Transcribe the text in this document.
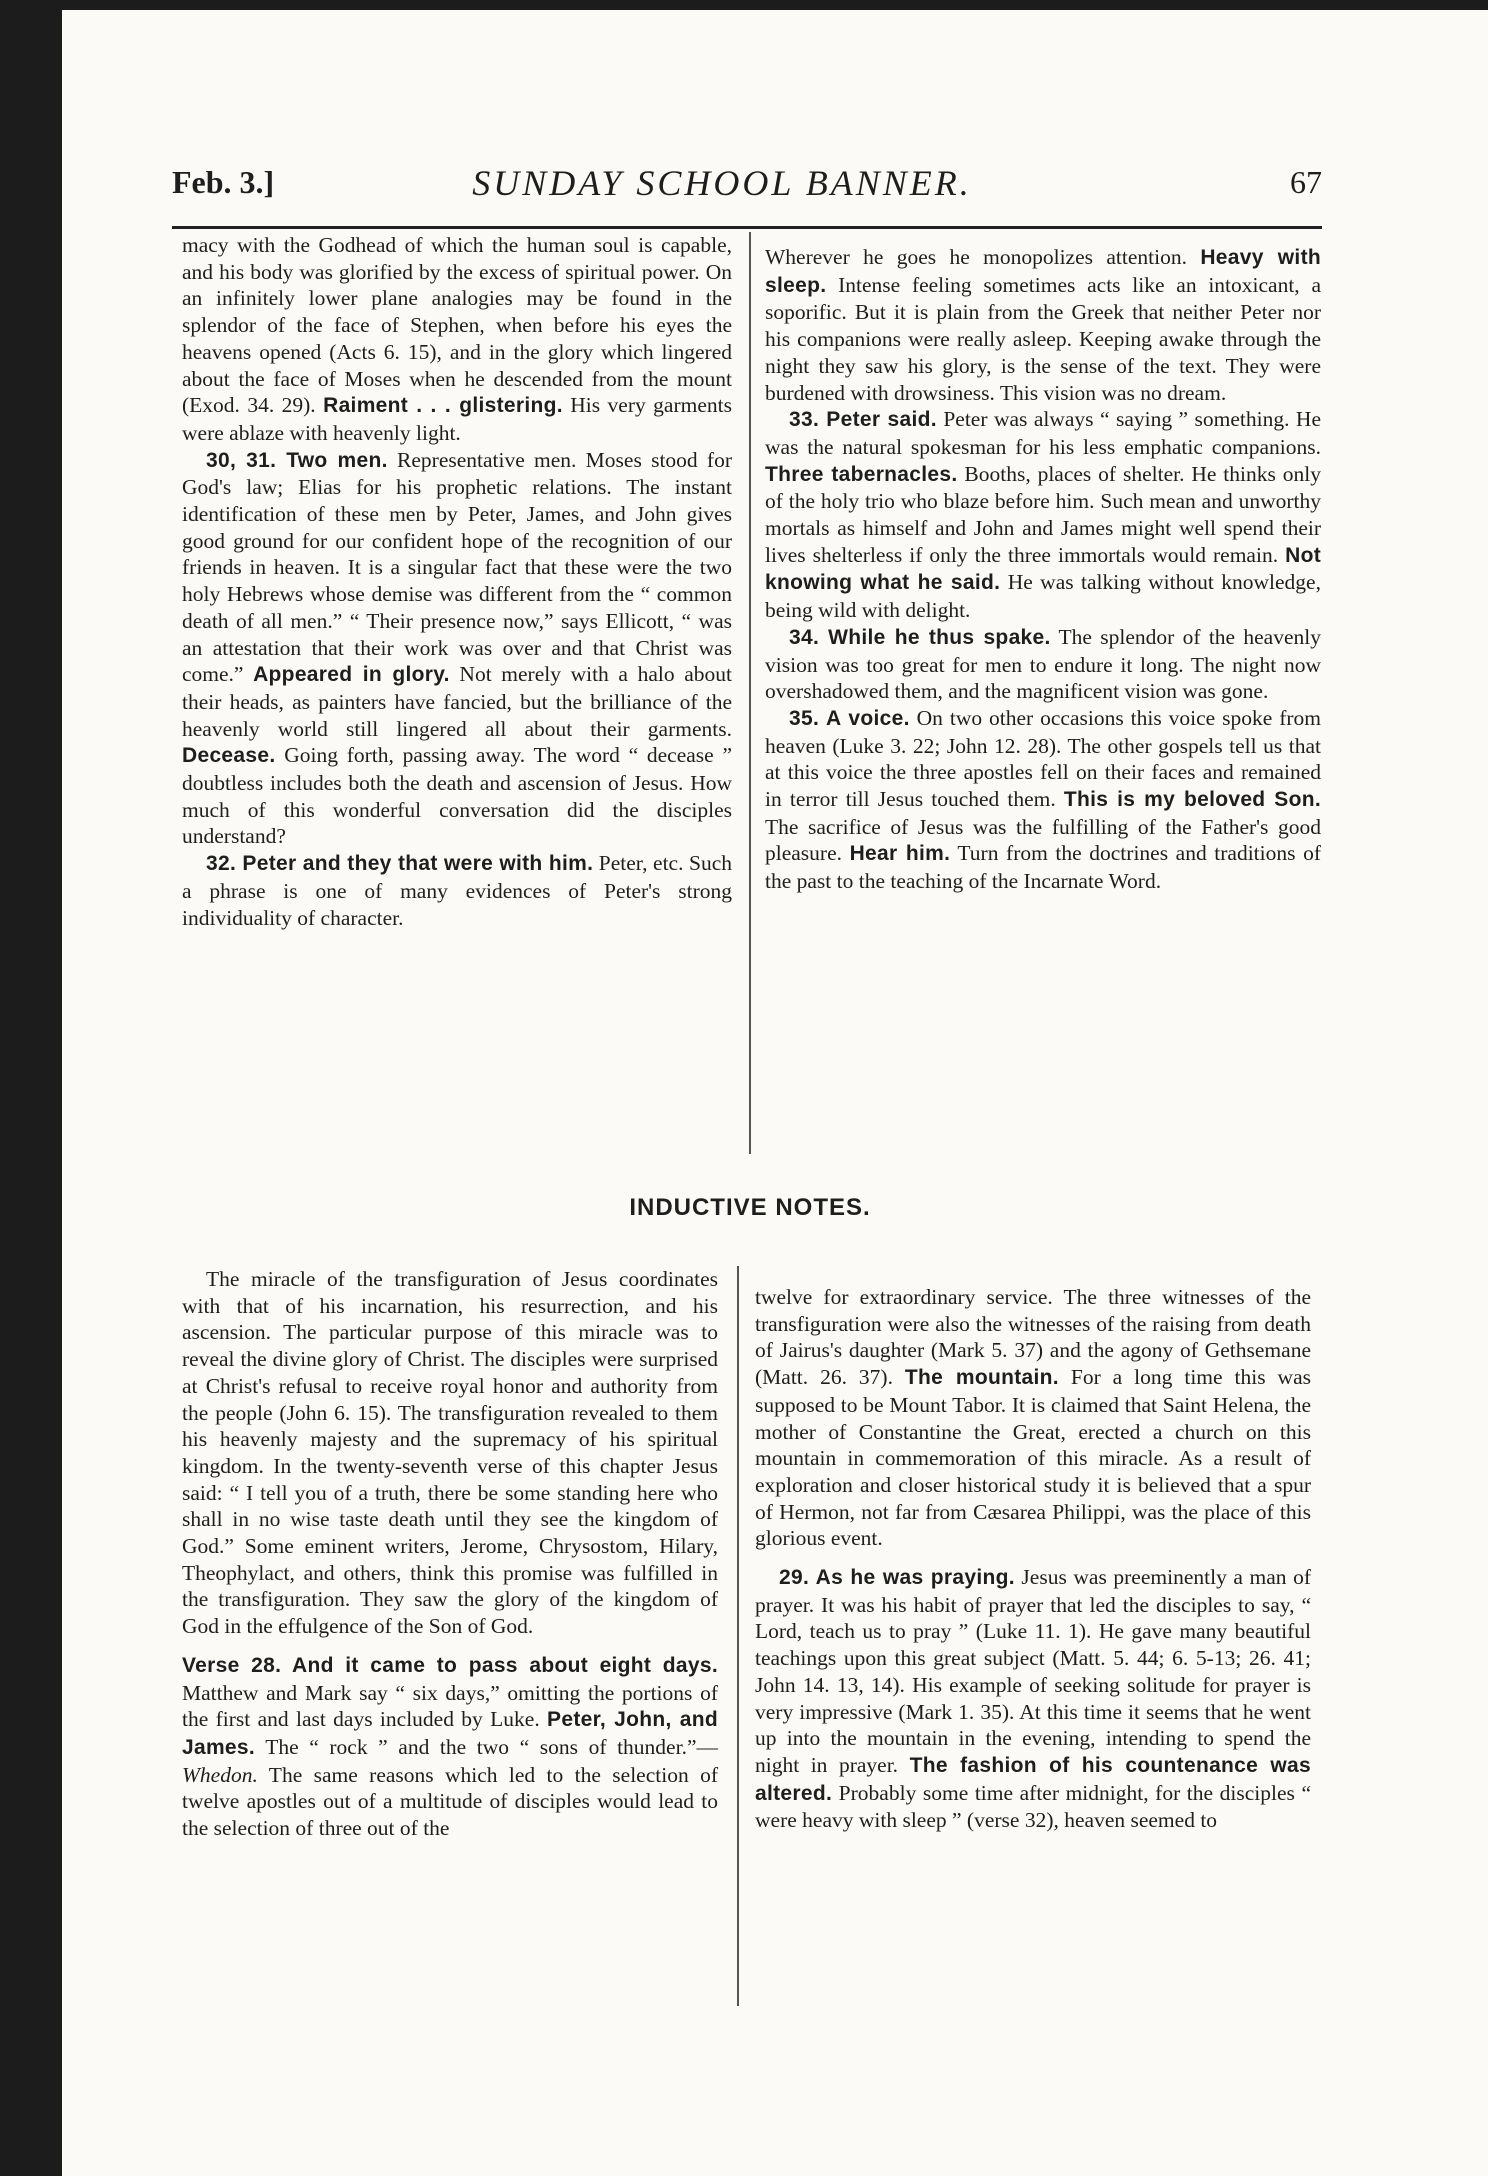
Feb. 3.]	SUNDAY SCHOOL BANNER.	67

macy with the Godhead of which the human soul is capable, and his body was glorified by the excess of spiritual power. On an infinitely lower plane analogies may be found in the splendor of the face of Stephen, when before his eyes the heavens opened (Acts 6. 15), and in the glory which lingered about the face of Moses when he descended from the mount (Exod. 34. 29). Raiment . . . glistering. His very garments were ablaze with heavenly light.

30, 31. Two men. Representative men. Moses stood for God's law; Elias for his prophetic relations. The instant identification of these men by Peter, James, and John gives good ground for our confident hope of the recognition of our friends in heaven. It is a singular fact that these were the two holy Hebrews whose demise was different from the “ common death of all men.” “ Their presence now,” says Ellicott, “ was an attestation that their work was over and that Christ was come.” Appeared in glory. Not merely with a halo about their heads, as painters have fancied, but the brilliance of the heavenly world still lingered all about their garments. Decease. Going forth, passing away. The word “ decease ” doubtless includes both the death and ascension of Jesus. How much of this wonderful conversation did the disciples understand?

32. Peter and they that were with him. Peter, etc. Such a phrase is one of many evidences of Peter's strong individuality of character.

Wherever he goes he monopolizes attention. Heavy with sleep. Intense feeling sometimes acts like an intoxicant, a soporific. But it is plain from the Greek that neither Peter nor his companions were really asleep. Keeping awake through the night they saw his glory, is the sense of the text. They were burdened with drowsiness. This vision was no dream.

33. Peter said. Peter was always “ saying ” something. He was the natural spokesman for his less emphatic companions. Three tabernacles. Booths, places of shelter. He thinks only of the holy trio who blaze before him. Such mean and unworthy mortals as himself and John and James might well spend their lives shelterless if only the three immortals would remain. Not knowing what he said. He was talking without knowledge, being wild with delight.

34. While he thus spake. The splendor of the heavenly vision was too great for men to endure it long. The night now overshadowed them, and the magnificent vision was gone.

35. A voice. On two other occasions this voice spoke from heaven (Luke 3. 22; John 12. 28). The other gospels tell us that at this voice the three apostles fell on their faces and remained in terror till Jesus touched them. This is my beloved Son. The sacrifice of Jesus was the fulfilling of the Father's good pleasure. Hear him. Turn from the doctrines and traditions of the past to the teaching of the Incarnate Word.

INDUCTIVE NOTES.

The miracle of the transfiguration of Jesus coordinates with that of his incarnation, his resurrection, and his ascension. The particular purpose of this miracle was to reveal the divine glory of Christ. The disciples were surprised at Christ's refusal to receive royal honor and authority from the people (John 6. 15). The transfiguration revealed to them his heavenly majesty and the supremacy of his spiritual kingdom. In the twenty-seventh verse of this chapter Jesus said: “ I tell you of a truth, there be some standing here who shall in no wise taste death until they see the kingdom of God.” Some eminent writers, Jerome, Chrysostom, Hilary, Theophylact, and others, think this promise was fulfilled in the transfiguration. They saw the glory of the kingdom of God in the effulgence of the Son of God.

Verse 28. And it came to pass about eight days. Matthew and Mark say “ six days,” omitting the portions of the first and last days included by Luke. Peter, John, and James. The “ rock ” and the two “ sons of thunder.”—Whedon. The same reasons which led to the selection of twelve apostles out of a multitude of disciples would lead to the selection of three out of the

twelve for extraordinary service. The three witnesses of the transfiguration were also the witnesses of the raising from death of Jairus's daughter (Mark 5. 37) and the agony of Gethsemane (Matt. 26. 37). The mountain. For a long time this was supposed to be Mount Tabor. It is claimed that Saint Helena, the mother of Constantine the Great, erected a church on this mountain in commemoration of this miracle. As a result of exploration and closer historical study it is believed that a spur of Hermon, not far from Cæsarea Philippi, was the place of this glorious event.

29. As he was praying. Jesus was preeminently a man of prayer. It was his habit of prayer that led the disciples to say, “ Lord, teach us to pray ” (Luke 11. 1). He gave many beautiful teachings upon this great subject (Matt. 5. 44; 6. 5-13; 26. 41; John 14. 13, 14). His example of seeking solitude for prayer is very impressive (Mark 1. 35). At this time it seems that he went up into the mountain in the evening, intending to spend the night in prayer. The fashion of his countenance was altered. Probably some time after midnight, for the disciples “ were heavy with sleep ” (verse 32), heaven seemed to
